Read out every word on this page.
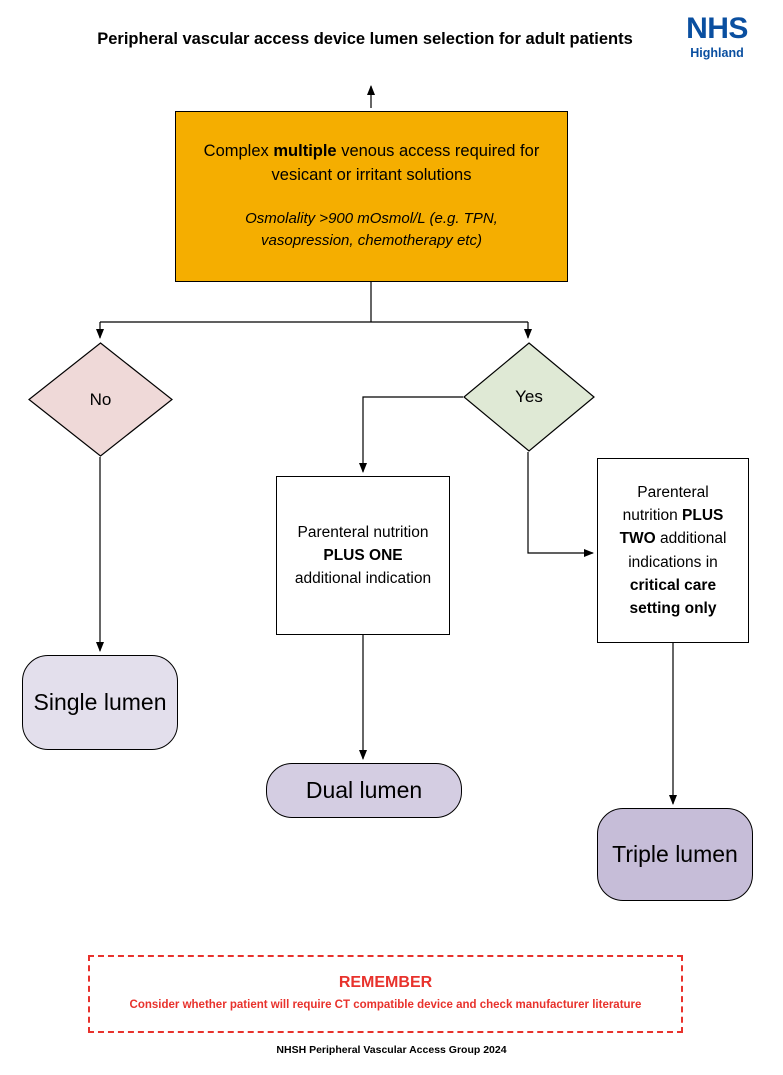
Peripheral vascular access device lumen selection for adult patients	NHS
Highland
Complex multiple venous access required for vesicant or irritant solutions
Osmolality >900 mOsmol/L (e.g. TPN, vasopression, chemotherapy etc)
No	Yes
Parenteral nutrition PLUS ONE additional indication
Parenteral nutrition PLUS TWO additional indications in critical care setting only
Single lumen
Dual lumen
Triple lumen
REMEMBER
Consider whether patient will require CT compatible device and check manufacturer literature
NHSH Peripheral Vascular Access Group 2024
